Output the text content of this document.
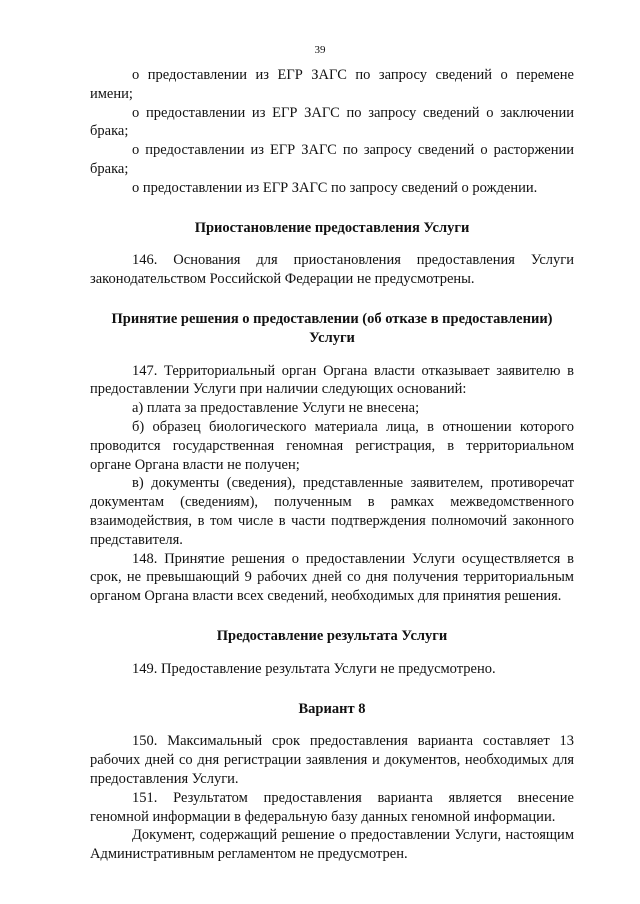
39

о предоставлении из ЕГР ЗАГС по запросу сведений о перемене имени;

о предоставлении из ЕГР ЗАГС по запросу сведений о заключении брака;

о предоставлении из ЕГР ЗАГС по запросу сведений о расторжении брака;

о предоставлении из ЕГР ЗАГС по запросу сведений о рождении.

Приостановление предоставления Услуги

146. Основания для приостановления предоставления Услуги законодательством Российской Федерации не предусмотрены.

Принятие решения о предоставлении (об отказе в предоставлении) Услуги

147. Территориальный орган Органа власти отказывает заявителю в предоставлении Услуги при наличии следующих оснований:

а) плата за предоставление Услуги не внесена;

б) образец биологического материала лица, в отношении которого проводится государственная геномная регистрация, в территориальном органе Органа власти не получен;

в) документы (сведения), представленные заявителем, противоречат документам (сведениям), полученным в рамках межведомственного взаимодействия, в том числе в части подтверждения полномочий законного представителя.

148. Принятие решения о предоставлении Услуги осуществляется в срок, не превышающий 9 рабочих дней со дня получения территориальным органом Органа власти всех сведений, необходимых для принятия решения.

Предоставление результата Услуги

149. Предоставление результата Услуги не предусмотрено.

Вариант 8

150. Максимальный срок предоставления варианта составляет 13 рабочих дней со дня регистрации заявления и документов, необходимых для предоставления Услуги.

151. Результатом предоставления варианта является внесение геномной информации в федеральную базу данных геномной информации.

Документ, содержащий решение о предоставлении Услуги, настоящим Административным регламентом не предусмотрен.
